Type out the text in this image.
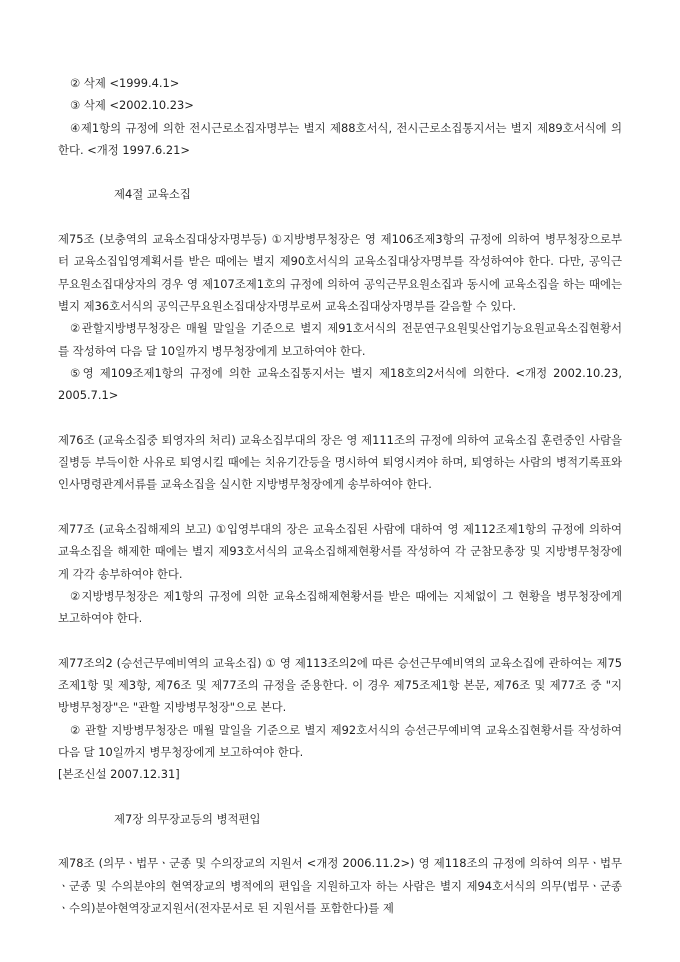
② 삭제 <1999.4.1>

③ 삭제 <2002.10.23>

④제1항의 규정에 의한 전시근로소집자명부는 별지 제88호서식, 전시근로소집통지서는 별지 제89호서식에 의한다. <개정 1997.6.21>

제4절 교육소집

제75조 (보충역의 교육소집대상자명부등) ①지방병무청장은 영 제106조제3항의 규정에 의하여 병무청장으로부터 교육소집입영계획서를 받은 때에는 별지 제90호서식의 교육소집대상자명부를 작성하여야 한다. 다만, 공익근무요원소집대상자의 경우 영 제107조제1호의 규정에 의하여 공익근무요원소집과 동시에 교육소집을 하는 때에는 별지 제36호서식의 공익근무요원소집대상자명부로써 교육소집대상자명부를 갈음할 수 있다.

②관할지방병무청장은 매월 말일을 기준으로 별지 제91호서식의 전문연구요원및산업기능요원교육소집현황서를 작성하여 다음 달 10일까지 병무청장에게 보고하여야 한다.

⑤영 제109조제1항의 규정에 의한 교육소집통지서는 별지 제18호의2서식에 의한다. <개정 2002.10.23, 2005.7.1>

제76조 (교육소집중 퇴영자의 처리) 교육소집부대의 장은 영 제111조의 규정에 의하여 교육소집 훈련중인 사람을 질병등 부득이한 사유로 퇴영시킬 때에는 치유기간등을 명시하여 퇴영시켜야 하며, 퇴영하는 사람의 병적기록표와 인사명령관계서류를 교육소집을 실시한 지방병무청장에게 송부하여야 한다.

제77조 (교육소집해제의 보고) ①입영부대의 장은 교육소집된 사람에 대하여 영 제112조제1항의 규정에 의하여 교육소집을 해제한 때에는 별지 제93호서식의 교육소집해제현황서를 작성하여 각 군참모총장 및 지방병무청장에게 각각 송부하여야 한다.

②지방병무청장은 제1항의 규정에 의한 교육소집해제현황서를 받은 때에는 지체없이 그 현황을 병무청장에게 보고하여야 한다.

제77조의2 (승선근무예비역의 교육소집) ① 영 제113조의2에 따른 승선근무예비역의 교육소집에 관하여는 제75조제1항 및 제3항, 제76조 및 제77조의 규정을 준용한다. 이 경우 제75조제1항 본문, 제76조 및 제77조 중 "지방병무청장"은 "관할 지방병무청장"으로 본다.

② 관할 지방병무청장은 매월 말일을 기준으로 별지 제92호서식의 승선근무예비역 교육소집현황서를 작성하여 다음 달 10일까지 병무청장에게 보고하여야 한다.

[본조신설 2007.12.31]

제7장 의무장교등의 병적편입

제78조 (의무ㆍ법무ㆍ군종 및 수의장교의 지원서 <개정 2006.11.2>) 영 제118조의 규정에 의하여 의무ㆍ법무ㆍ군종 및 수의분야의 현역장교의 병적에의 편입을 지원하고자 하는 사람은 별지 제94호서식의 의무(법무ㆍ군종ㆍ수의)분야현역장교지원서(전자문서로 된 지원서를 포함한다)를 제
